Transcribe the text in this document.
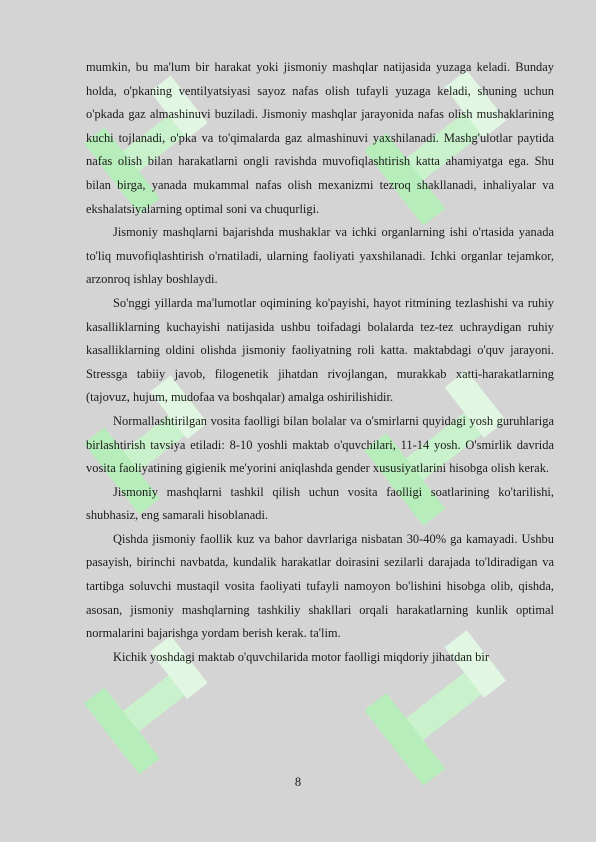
mumkin, bu ma'lum bir harakat yoki jismoniy mashqlar natijasida yuzaga keladi. Bunday holda, o'pkaning ventilyatsiyasi sayoz nafas olish tufayli yuzaga keladi, shuning uchun o'pkada gaz almashinuvi buziladi. Jismoniy mashqlar jarayonida nafas olish mushaklarining kuchi tojlanadi, o'pka va to'qimalarda gaz almashinuvi yaxshilanadi. Mashg'ulotlar paytida nafas olish bilan harakatlarni ongli ravishda muvofiqlashtirish katta ahamiyatga ega. Shu bilan birga, yanada mukammal nafas olish mexanizmi tezroq shakllanadi, inhaliyalar va ekshalatsiyalarning optimal soni va chuqurligi.

Jismoniy mashqlarni bajarishda mushaklar va ichki organlarning ishi o'rtasida yanada to'liq muvofiqlashtirish o'rnatiladi, ularning faoliyati yaxshilanadi. Ichki organlar tejamkor, arzonroq ishlay boshlaydi.

So'nggi yillarda ma'lumotlar oqimining ko'payishi, hayot ritmining tezlashishi va ruhiy kasalliklarning kuchayishi natijasida ushbu toifadagi bolalarda tez-tez uchraydigan ruhiy kasalliklarning oldini olishda jismoniy faoliyatning roli katta. maktabdagi o'quv jarayoni. Stressga tabiiy javob, filogenetik jihatdan rivojlangan, murakkab xatti-harakatlarning (tajovuz, hujum, mudofaa va boshqalar) amalga oshirilishidir.

Normallashtirilgan vosita faolligi bilan bolalar va o'smirlarni quyidagi yosh guruhlariga birlashtirish tavsiya etiladi: 8-10 yoshli maktab o'quvchilari, 11-14 yosh. O'smirlik davrida vosita faoliyatining gigienik me'yorini aniqlashda gender xususiyatlarini hisobga olish kerak.

Jismoniy mashqlarni tashkil qilish uchun vosita faolligi soatlarining ko'tarilishi, shubhasiz, eng samarali hisoblanadi.

Qishda jismoniy faollik kuz va bahor davrlariga nisbatan 30-40% ga kamayadi. Ushbu pasayish, birinchi navbatda, kundalik harakatlar doirasini sezilarli darajada to'ldiradigan va tartibga soluvchi mustaqil vosita faoliyati tufayli namoyon bo'lishini hisobga olib, qishda, asosan, jismoniy mashqlarning tashkiliy shakllari orqali harakatlarning kunlik optimal normalarini bajarishga yordam berish kerak. ta'lim.

Kichik yoshdagi maktab o'quvchilarida motor faolligi miqdoriy jihatdan bir

8
